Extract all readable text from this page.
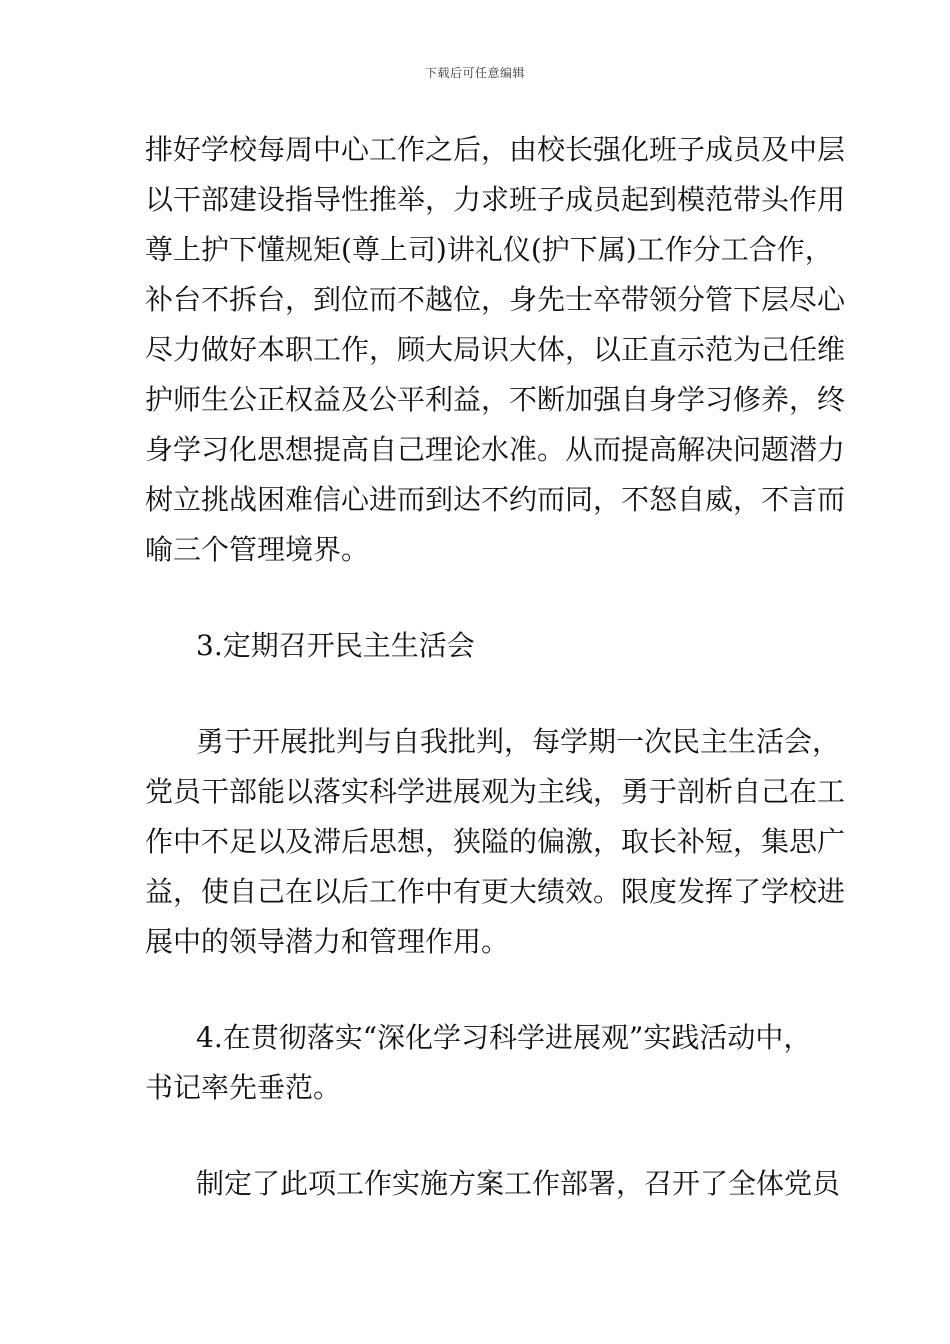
下载后可任意编辑
排好学校每周中心工作之后，由校长强化班子成员及中层
以干部建设指导性推举，力求班子成员起到模范带头作用
尊上护下懂规矩(尊上司)讲礼仪(护下属)工作分工合作，
补台不拆台，到位而不越位，身先士卒带领分管下层尽心
尽力做好本职工作，顾大局识大体，以正直示范为己任维
护师生公正权益及公平利益，不断加强自身学习修养，终
身学习化思想提高自己理论水准。从而提高解决问题潜力
树立挑战困难信心进而到达不约而同，不怒自威，不言而
喻三个管理境界。
3.定期召开民主生活会
勇于开展批判与自我批判，每学期一次民主生活会，
党员干部能以落实科学进展观为主线，勇于剖析自己在工
作中不足以及滞后思想，狭隘的偏激，取长补短，集思广
益，使自己在以后工作中有更大绩效。限度发挥了学校进
展中的领导潜力和管理作用。
4.在贯彻落实“深化学习科学进展观”实践活动中，
书记率先垂范。
制定了此项工作实施方案工作部署，召开了全体党员
